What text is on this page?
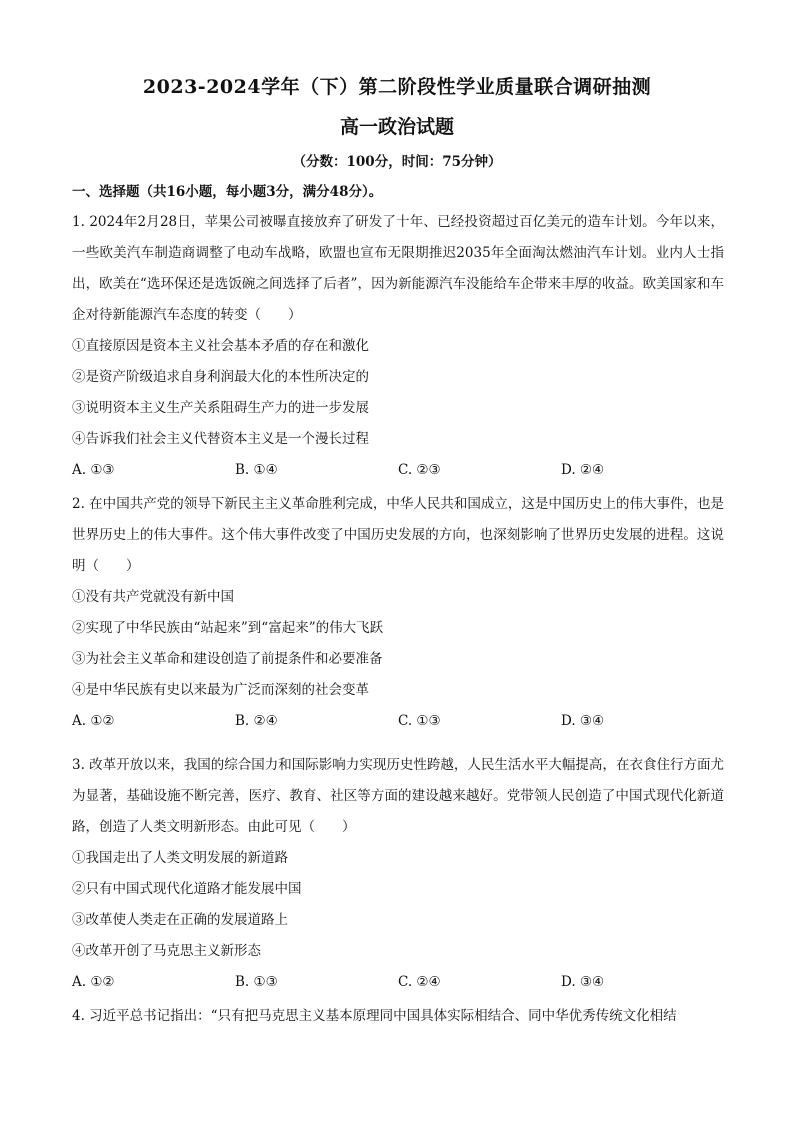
2023-2024学年（下）第二阶段性学业质量联合调研抽测
高一政治试题
（分数：100分，时间：75分钟）
一、选择题（共16小题，每小题3分，满分48分）。
1. 2024年2月28日，苹果公司被曝直接放弃了研发了十年、已经投资超过百亿美元的造车计划。今年以来，一些欧美汽车制造商调整了电动车战略，欧盟也宣布无限期推迟2035年全面淘汰燃油汽车计划。业内人士指出，欧美在“选环保还是选饭碗之间选择了后者”，因为新能源汽车没能给车企带来丰厚的收益。欧美国家和车企对待新能源汽车态度的转变（　　）
①直接原因是资本主义社会基本矛盾的存在和激化
②是资产阶级追求自身利润最大化的本性所决定的
③说明资本主义生产关系阻碍生产力的进一步发展
④告诉我们社会主义代替资本主义是一个漫长过程
A. ①③	B. ①④	C. ②③	D. ②④
2. 在中国共产党的领导下新民主主义革命胜利完成，中华人民共和国成立，这是中国历史上的伟大事件，也是世界历史上的伟大事件。这个伟大事件改变了中国历史发展的方向，也深刻影响了世界历史发展的进程。这说明（　　）
①没有共产党就没有新中国
②实现了中华民族由“站起来”到“富起来”的伟大飞跃
③为社会主义革命和建设创造了前提条件和必要准备
④是中华民族有史以来最为广泛而深刻的社会变革
A. ①②	B. ②④	C. ①③	D. ③④
3. 改革开放以来，我国的综合国力和国际影响力实现历史性跨越，人民生活水平大幅提高，在衣食住行方面尤为显著，基础设施不断完善，医疗、教育、社区等方面的建设越来越好。党带领人民创造了中国式现代化新道路，创造了人类文明新形态。由此可见（　　）
①我国走出了人类文明发展的新道路
②只有中国式现代化道路才能发展中国
③改革使人类走在正确的发展道路上
④改革开创了马克思主义新形态
A. ①②	B. ①③	C. ②④	D. ③④
4. 习近平总书记指出：“只有把马克思主义基本原理同中国具体实际相结合、同中华优秀传统文化相结
